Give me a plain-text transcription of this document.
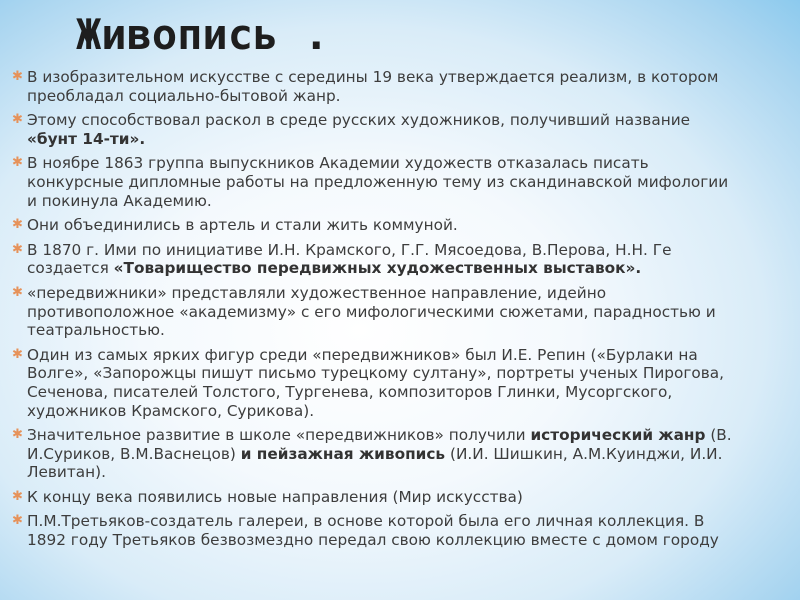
Живопись .
✱ В изобразительном искусстве с середины 19 века утверждается реализм, в котором
преобладал социально-бытовой жанр.
✱ Этому способствовал раскол в среде русских художников, получивший название
«бунт 14-ти».
✱ В ноябре 1863 группа выпускников Академии художеств отказалась писать
конкурсные дипломные работы на предложенную тему из скандинавской мифологии
и покинула Академию.
✱ Они объединились в артель и стали жить коммуной.
✱ В 1870 г. Ими по инициативе И.Н. Крамского, Г.Г. Мясоедова, В.Перова, Н.Н. Ге
создается «Товарищество передвижных художественных выставок».
✱ «передвижники» представляли художественное направление, идейно
противоположное «академизму» с его мифологическими сюжетами, парадностью и
театральностью.
✱ Один из самых ярких фигур среди «передвижников» был И.Е. Репин («Бурлаки на
Волге», «Запорожцы пишут письмо турецкому султану», портреты ученых Пирогова,
Сеченова, писателей Толстого, Тургенева, композиторов Глинки, Мусоргского,
художников Крамского, Сурикова).
✱ Значительное развитие в школе «передвижников» получили исторический жанр (В.
И.Суриков, В.М.Васнецов) и пейзажная живопись (И.И. Шишкин, А.М.Куинджи, И.И.
Левитан).
✱ К концу века появились новые направления (Мир искусства)
✱ П.М.Третьяков-создатель галереи, в основе которой была его личная коллекция. В
1892 году Третьяков безвозмездно передал свою коллекцию вместе с домом городу
